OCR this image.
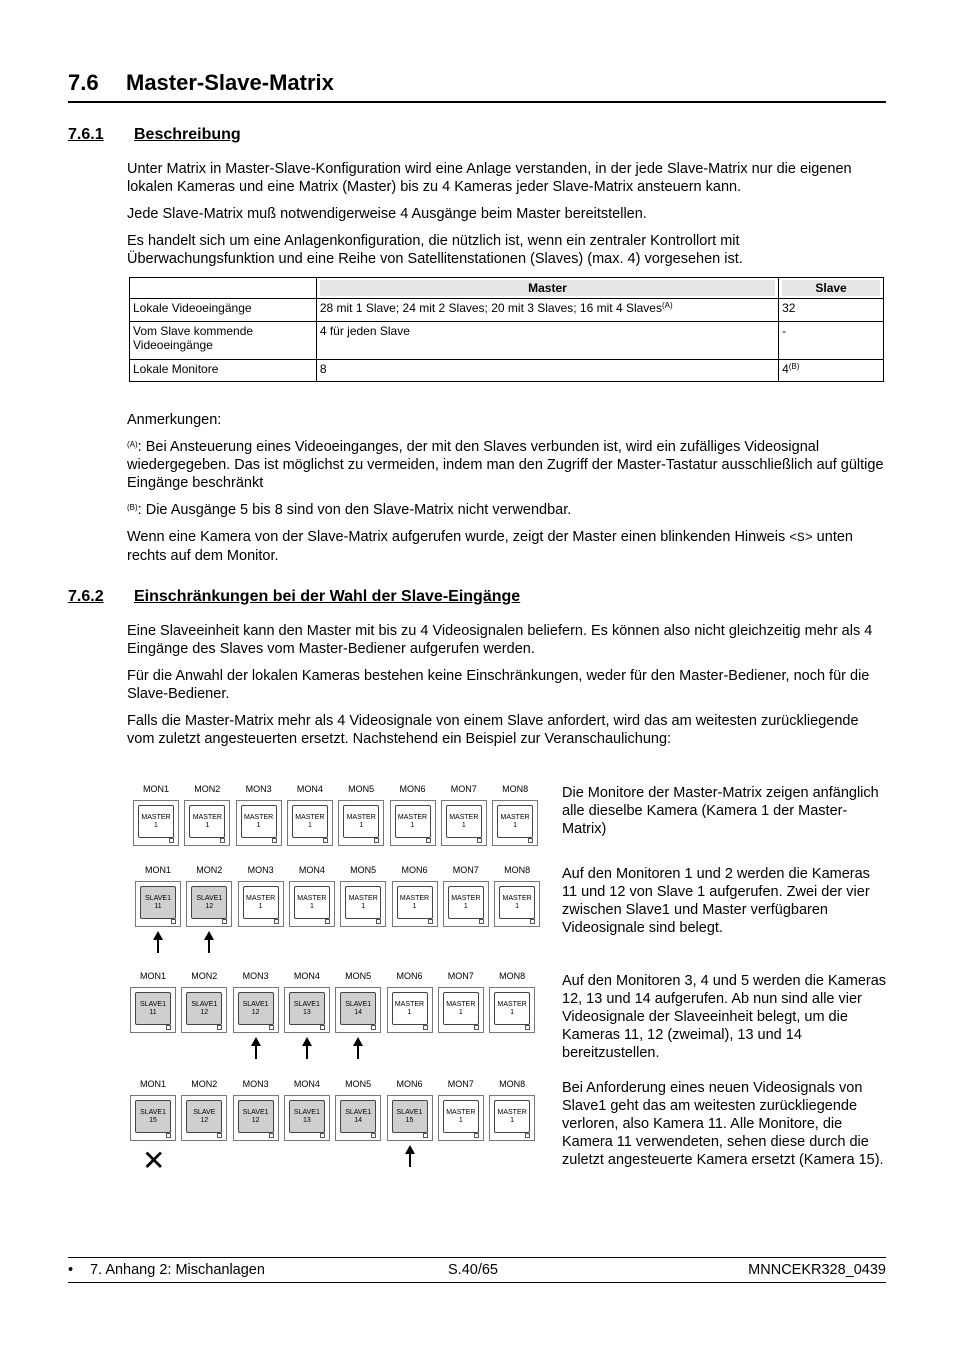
7.6 Master-Slave-Matrix
7.6.1 Beschreibung

Unter Matrix in Master-Slave-Konfiguration wird eine Anlage verstanden, in der jede Slave-Matrix nur die eigenen lokalen Kameras und eine Matrix (Master) bis zu 4 Kameras jeder Slave-Matrix ansteuern kann.

Jede Slave-Matrix muß notwendigerweise 4 Ausgänge beim Master bereitstellen.

Es handelt sich um eine Anlagenkonfiguration, die nützlich ist, wenn ein zentraler Kontrollort mit Überwachungsfunktion und eine Reihe von Satellitenstationen (Slaves) (max. 4) vorgesehen ist.

	Master	Slave

Lokale Videoeingänge	28 mit 1 Slave; 24 mit 2 Slaves; 20 mit 3 Slaves; 16 mit 4 Slaves$^{(A)}$	32
Vom Slave kommende Videoeingänge	4 für jeden Slave	-
Lokale Monitore	8	$4^{(B)}$

Anmerkungen:

$^{(A)}$: Bei Ansteuerung eines Videoeinganges, der mit den Slaves verbunden ist, wird ein zufälliges Videosignal wiedergegeben. Das ist möglichst zu vermeiden, indem man den Zugriff der Master-Tastatur ausschließlich auf gültige Eingänge beschränkt

$^{(B)}$: Die Ausgänge 5 bis 8 sind von den Slave-Matrix nicht verwendbar.

Wenn eine Kamera von der Slave-Matrix aufgerufen wurde, zeigt der Master einen blinkenden Hinweis <S> unten rechts auf dem Monitor.

7.6.2 Einschränkungen bei der Wahl der Slave-Eingänge

Eine Slaveeinheit kann den Master mit bis zu 4 Videosignalen beliefern. Es können also nicht gleichzeitig mehr als 4 Eingänge des Slaves vom Master-Bediener aufgerufen werden.

Für die Anwahl der lokalen Kameras bestehen keine Einschränkungen, weder für den Master-Bediener, noch für die Slave-Bediener.

Falls die Master-Matrix mehr als 4 Videosignale von einem Slave anfordert, wird das am weitesten zurückliegende vom zuletzt angesteuerten ersetzt. Nachstehend ein Beispiel zur Veranschaulichung:

MON1
MASTER
1
MON2
MASTER
1
MON3
MASTER
1
MON4
MASTER
1
MON5
MASTER
1
MON6
MASTER
1
MON7
MASTER
1
MON8
MASTER
1
MON1
SLAVE1
11
MON2
SLAVE1
12
MON3
MASTER
1
MON4
MASTER
1
MON5
MASTER
1
MON6
MASTER
1
MON7
MASTER
1
MON8
MASTER
1
MON1
SLAVE1
11
MON2
SLAVE1
12
MON3
SLAVE1
12
MON4
SLAVE1
13
MON5
SLAVE1
14
MON6
MASTER
1
MON7
MASTER
1
MON8
MASTER
1
MON1
SLAVE1
15
MON2
SLAVE
12
MON3
SLAVE1
12
MON4
SLAVE1
13
MON5
SLAVE1
14
MON6
SLAVE1
15
MON7
MASTER
1
MON8
MASTER
1
✕
Die Monitore der Master-Matrix zeigen anfänglich alle dieselbe Kamera (Kamera 1 der Master-Matrix)
Auf den Monitoren 1 und 2 werden die Kameras 11 und 12 von Slave 1 aufgerufen. Zwei der vier zwischen Slave1 und Master verfügbaren Videosignale sind belegt.
Auf den Monitoren 3, 4 und 5 werden die Kameras 12, 13 und 14 aufgerufen. Ab nun sind alle vier Videosignale der Slaveeinheit belegt, um die Kameras 11, 12 (zweimal), 13 und 14 bereitzustellen.
Bei Anforderung eines neuen Videosignals von Slave1 geht das am weitesten zurückliegende verloren, also Kamera 11. Alle Monitore, die Kamera 11 verwendeten, sehen diese durch die zuletzt angesteuerte Kamera ersetzt (Kamera 15).
• 7. Anhang 2: Mischanlagen	S.40/65	MNNCEKR328_0439
